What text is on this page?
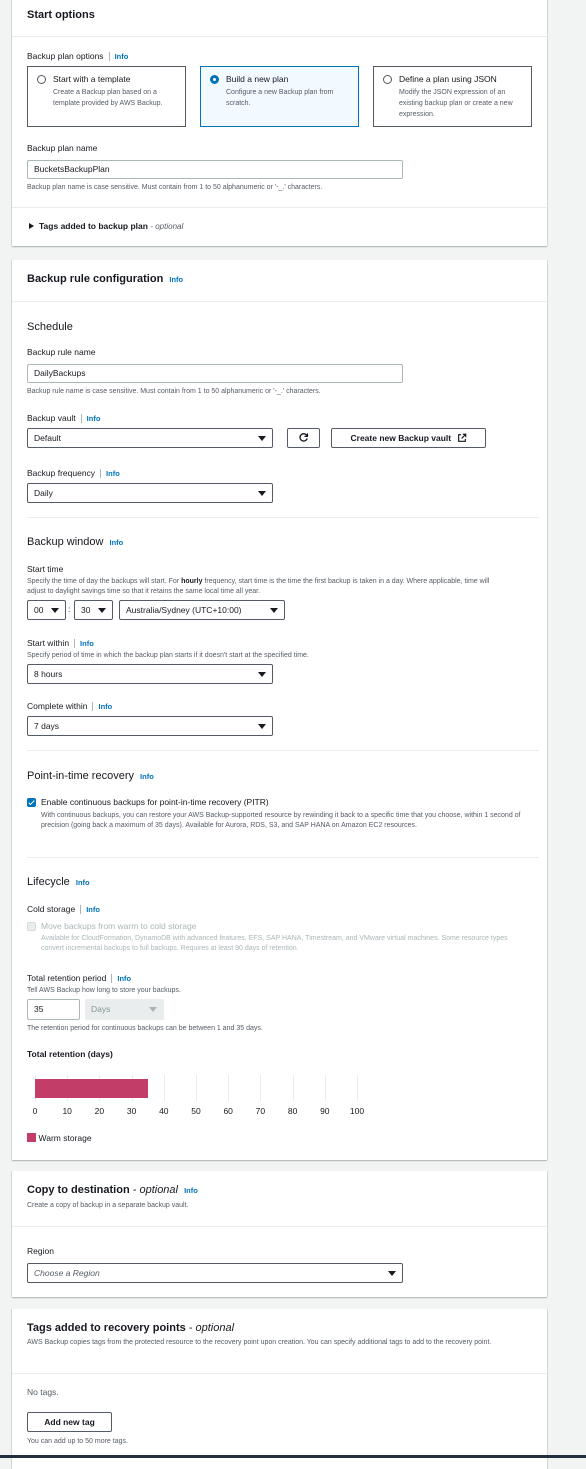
Start options
Backup plan options Info
Start with a template
Create a Backup plan based on a template provided by AWS Backup.
Build a new plan
Configure a new Backup plan from scratch.
Define a plan using JSON
Modify the JSON expression of an existing backup plan or create a new expression.
Backup plan name
BucketsBackupPlan
Backup plan name is case sensitive. Must contain from 1 to 50 alphanumeric or '-_.' characters.
Tags added to backup plan - optional
Backup rule configuration Info
Schedule
Backup rule name
DailyBackups
Backup rule name is case sensitive. Must contain from 1 to 50 alphanumeric or '-_.' characters.
Backup vault Info
Default	Create new Backup vault
Backup frequency Info
Daily
Backup window Info
Start time
Specify the time of day the backups will start. For hourly frequency, start time is the time the first backup is taken in a day. Where applicable, time will adjust to daylight savings time so that it retains the same local time all year.
00	:	30	Australia/Sydney (UTC+10:00)
Start within Info
Specify period of time in which the backup plan starts if it doesn't start at the specified time.
8 hours
Complete within Info
7 days
Point-in-time recovery Info
Enable continuous backups for point-in-time recovery (PITR)
With continuous backups, you can restore your AWS Backup-supported resource by rewinding it back to a specific time that you choose, within 1 second of precision (going back a maximum of 35 days). Available for Aurora, RDS, S3, and SAP HANA on Amazon EC2 resources.
Lifecycle Info
Cold storage Info
Move backups from warm to cold storage
Available for CloudFormation, DynamoDB with advanced features, EFS, SAP HANA, Timestream, and VMware virtual machines. Some resource types convert incremental backups to full backups. Requires at least 90 days of retention.
Total retention period Info
Tell AWS Backup how long to store your backups.
35	Days
The retention period for continuous backups can be between 1 and 35 days.
Total retention (days)
0	10	20	30	40	50	60	70	80	90 100
Warm storage
Copy to destination - optional Info
Create a copy of backup in a separate backup vault.
Region
Choose a Region
Tags added to recovery points - optional
AWS Backup copies tags from the protected resource to the recovery point upon creation. You can specify additional tags to add to the recovery point.
No tags.
Add new tag
You can add up to 50 more tags.
